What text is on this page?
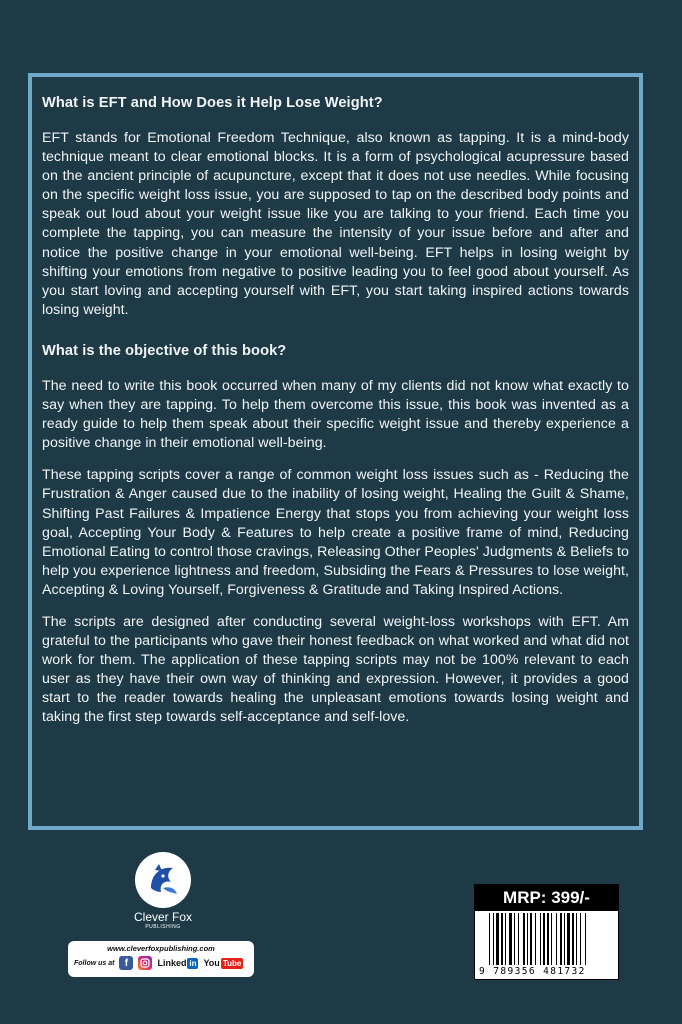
What is EFT and How Does it Help Lose Weight?

EFT stands for Emotional Freedom Technique, also known as tapping. It is a mind-body technique meant to clear emotional blocks. It is a form of psychological acupressure based on the ancient principle of acupuncture, except that it does not use needles. While focusing on the specific weight loss issue, you are supposed to tap on the described body points and speak out loud about your weight issue like you are talking to your friend. Each time you complete the tapping, you can measure the intensity of your issue before and after and notice the positive change in your emotional well-being. EFT helps in losing weight by shifting your emotions from negative to positive leading you to feel good about yourself. As you start loving and accepting yourself with EFT, you start taking inspired actions towards losing weight.

What is the objective of this book?

The need to write this book occurred when many of my clients did not know what exactly to say when they are tapping. To help them overcome this issue, this book was invented as a ready guide to help them speak about their specific weight issue and thereby experience a positive change in their emotional well-being.

These tapping scripts cover a range of common weight loss issues such as - Reducing the Frustration & Anger caused due to the inability of losing weight, Healing the Guilt & Shame, Shifting Past Failures & Impatience Energy that stops you from achieving your weight loss goal, Accepting Your Body & Features to help create a positive frame of mind, Reducing Emotional Eating to control those cravings, Releasing Other Peoples' Judgments & Beliefs to help you experience lightness and freedom, Subsiding the Fears & Pressures to lose weight, Accepting & Loving Yourself, Forgiveness & Gratitude and Taking Inspired Actions.

The scripts are designed after conducting several weight-loss workshops with EFT. Am grateful to the participants who gave their honest feedback on what worked and what did not work for them. The application of these tapping scripts may not be 100% relevant to each user as they have their own way of thinking and expression. However, it provides a good start to the reader towards healing the unpleasant emotions towards losing weight and taking the first step towards self-acceptance and self-love.

Clever Fox
PUBLISHING
www.cleverfoxpublishing.com
Follow us at	f	Linked in You Tube
MRP: 399/-
9 789356 481732
